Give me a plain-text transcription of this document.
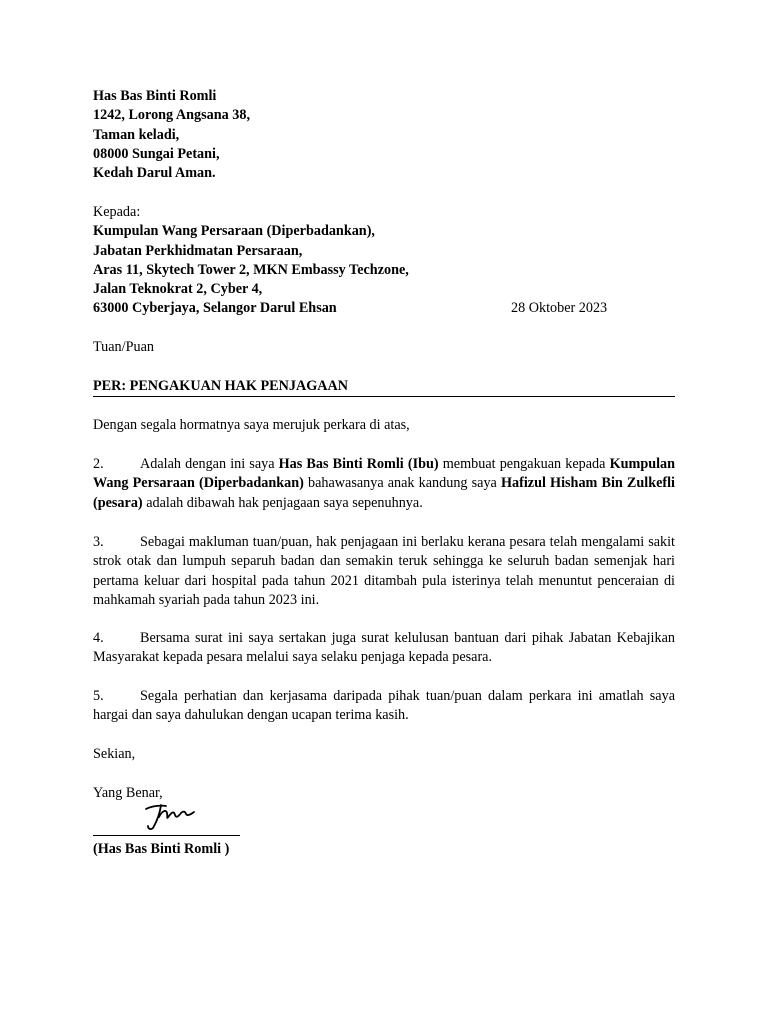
Has Bas Binti Romli
1242, Lorong Angsana 38,
Taman keladi,
08000 Sungai Petani,
Kedah Darul Aman.
Kepada:
Kumpulan Wang Persaraan (Diperbadankan),
Jabatan Perkhidmatan Persaraan,
Aras 11, Skytech Tower 2, MKN Embassy Techzone,
Jalan Teknokrat 2, Cyber 4,
63000 Cyberjaya, Selangor Darul Ehsan	28 Oktober 2023
Tuan/Puan
PER: PENGAKUAN HAK PENJAGAAN
Dengan segala hormatnya saya merujuk perkara di atas,
2.	Adalah dengan ini saya Has Bas Binti Romli (Ibu) membuat pengakuan kepada Kumpulan Wang Persaraan (Diperbadankan) bahawasanya anak kandung saya Hafizul Hisham Bin Zulkefli (pesara) adalah dibawah hak penjagaan saya sepenuhnya.
3.	Sebagai makluman tuan/puan, hak penjagaan ini berlaku kerana pesara telah mengalami sakit strok otak dan lumpuh separuh badan dan semakin teruk sehingga ke seluruh badan semenjak hari pertama keluar dari hospital pada tahun 2021 ditambah pula isterinya telah menuntut penceraian di mahkamah syariah pada tahun 2023 ini.
4.	Bersama surat ini saya sertakan juga surat kelulusan bantuan dari pihak Jabatan Kebajikan Masyarakat kepada pesara melalui saya selaku penjaga kepada pesara.
5.	Segala perhatian dan kerjasama daripada pihak tuan/puan dalam perkara ini amatlah saya hargai dan saya dahulukan dengan ucapan terima kasih.
Sekian,
Yang Benar,
(Has Bas Binti Romli )
